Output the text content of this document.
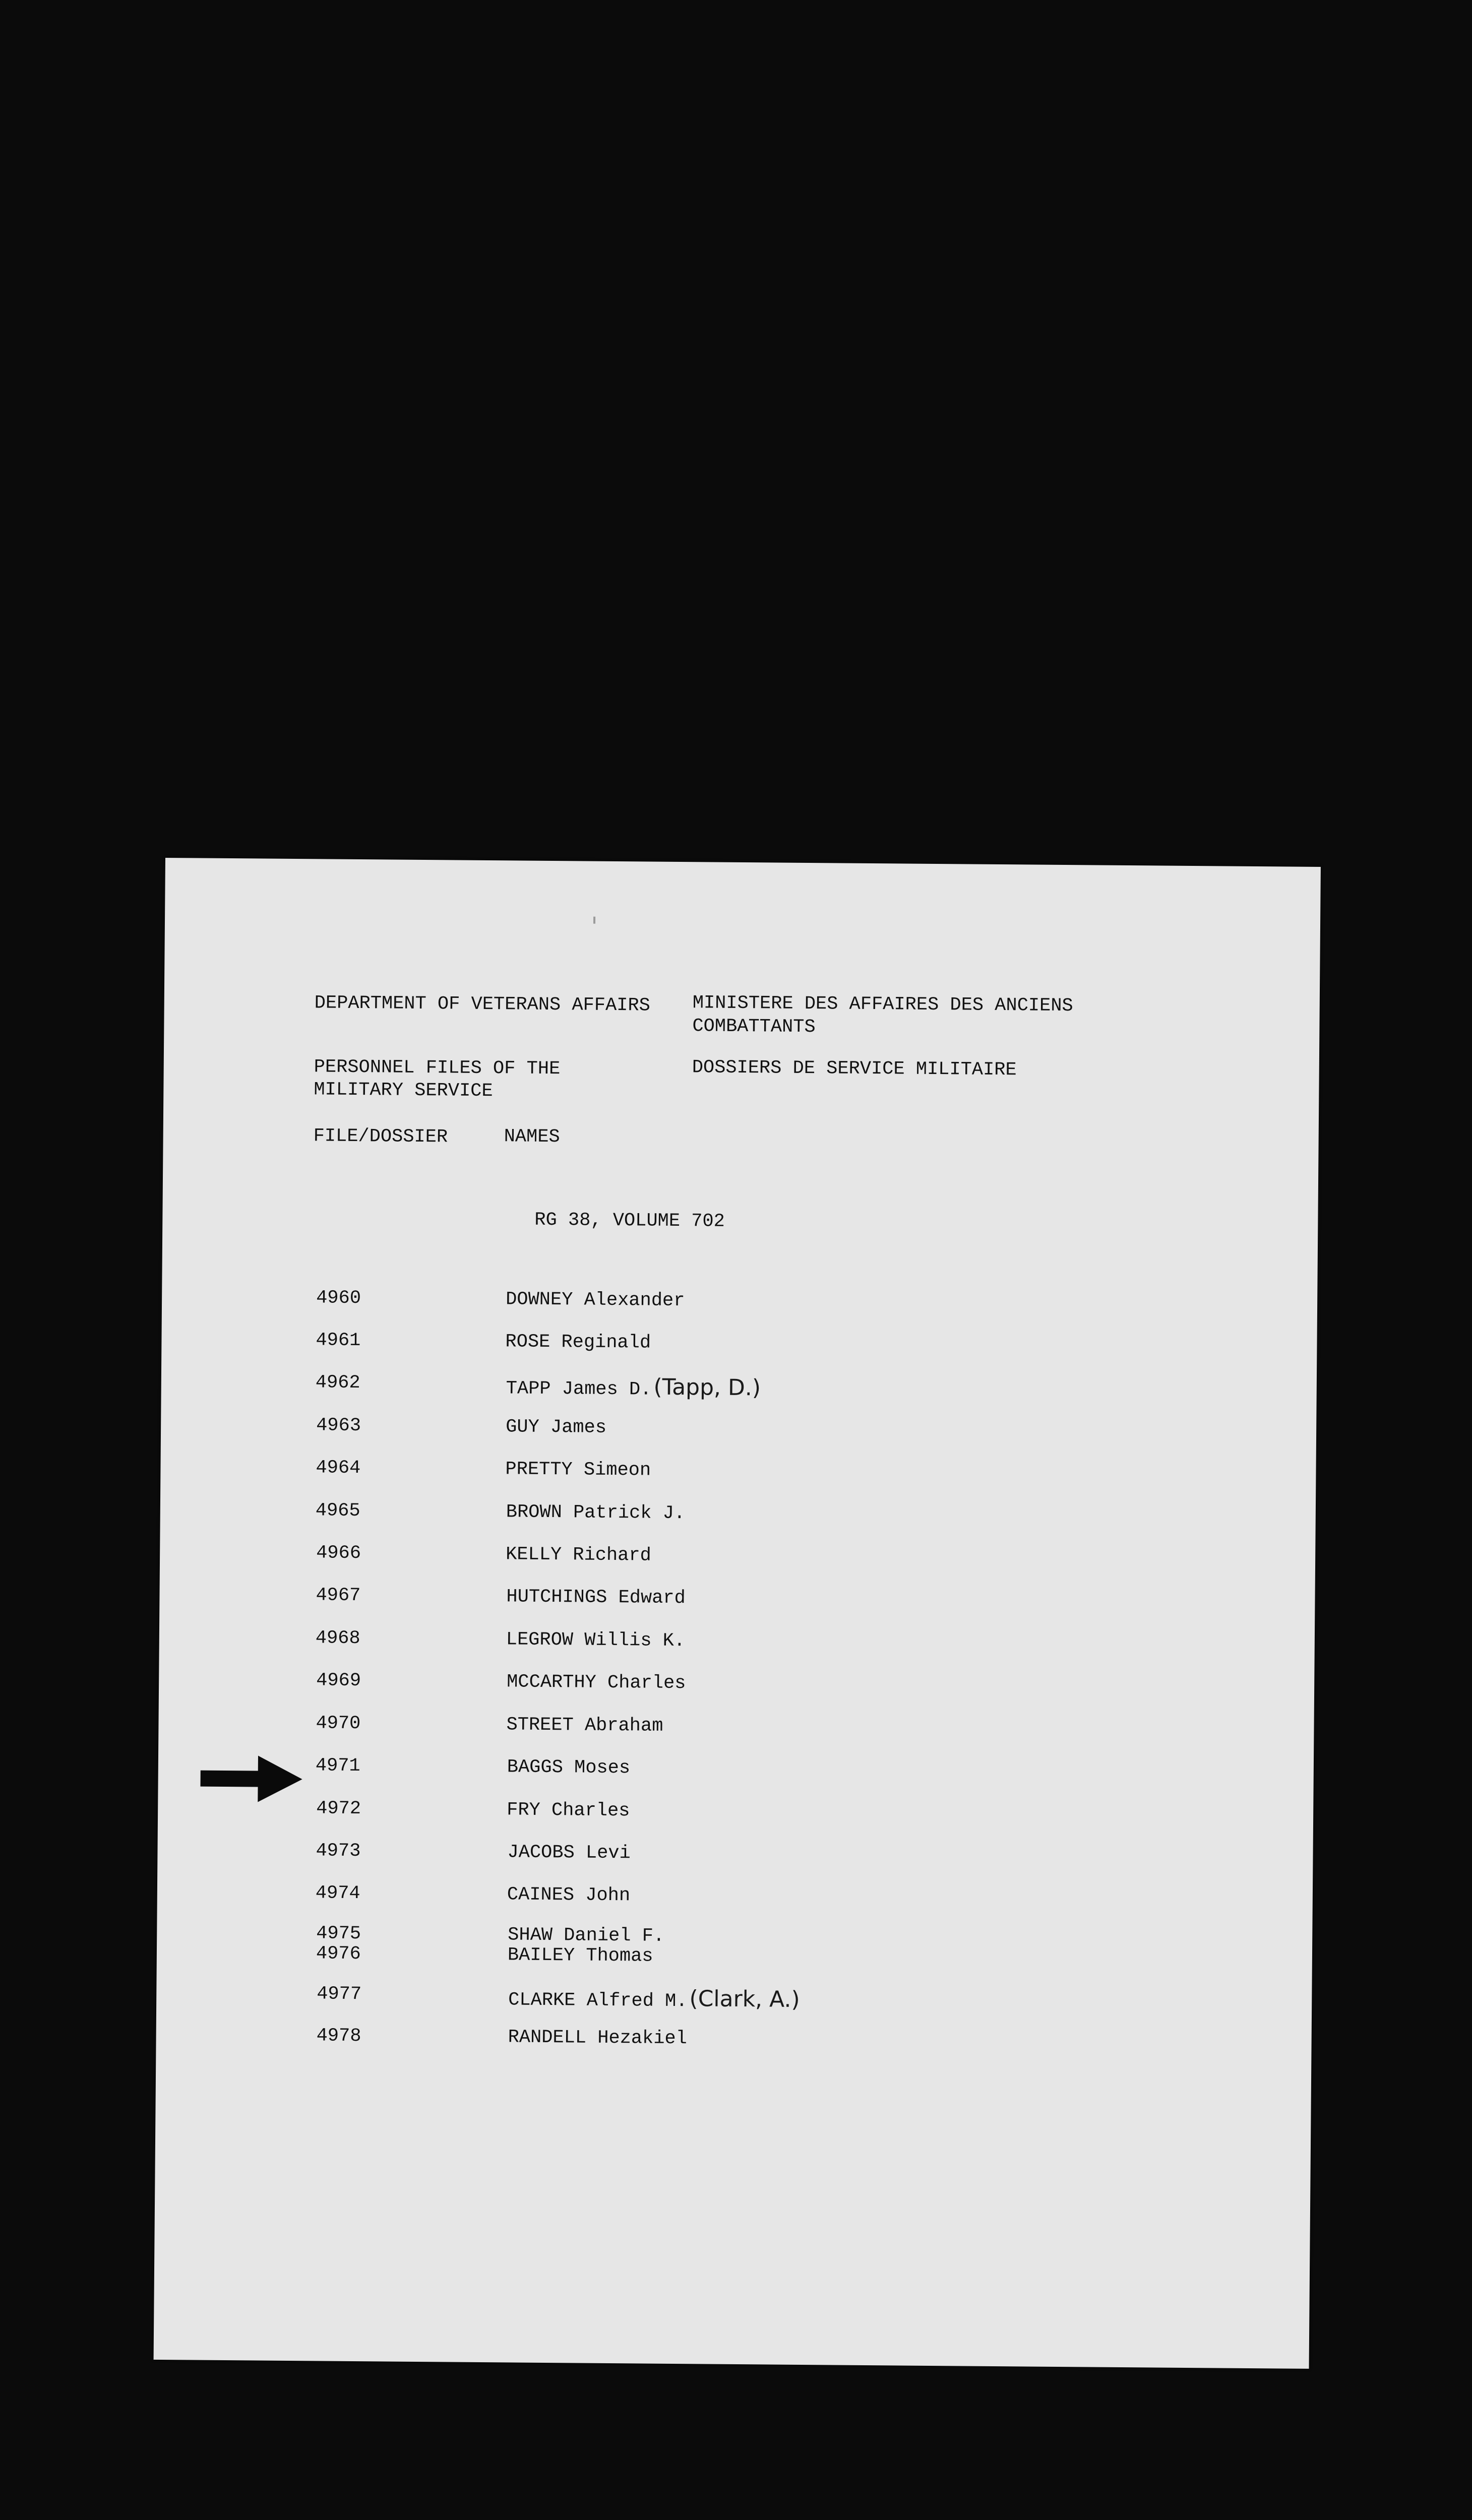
DEPARTMENT OF VETERANS AFFAIRS MINISTERE DES AFFAIRES DES ANCIENS
COMBATTANTS
PERSONNEL FILES OF THE
MILITARY SERVICE
DOSSIERS DE SERVICE MILITAIRE
FILE/DOSSIER	NAMES
RG 38, VOLUME 702
4960	DOWNEY Alexander
4961	ROSE Reginald
4962	TAPP James D.(Tapp, D.)
4963	GUY James
4964	PRETTY Simeon
4965	BROWN Patrick J.
4966	KELLY Richard
4967	HUTCHINGS Edward
4968	LEGROW Willis K.
4969	MCCARTHY Charles
4970	STREET Abraham
4971	BAGGS Moses
4972	FRY Charles
4973	JACOBS Levi
4974	CAINES John
4975	SHAW Daniel F.
4976	BAILEY Thomas
4977	CLARKE Alfred M.(Clark, A.)
4978	RANDELL Hezakiel
